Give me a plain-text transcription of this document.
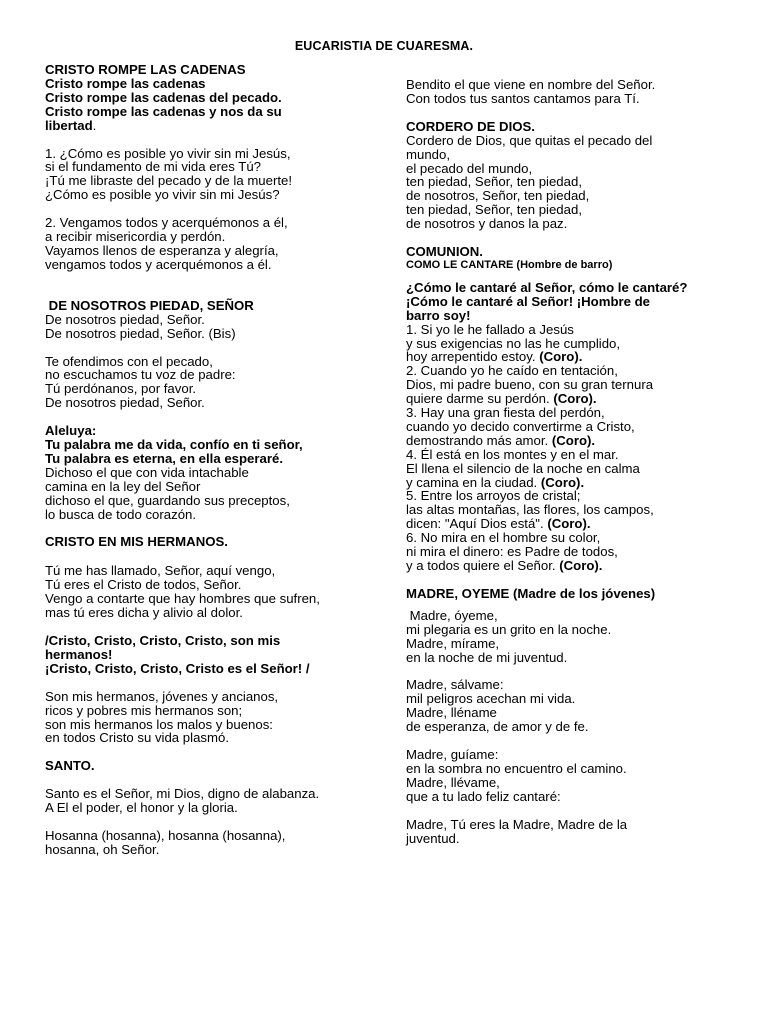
EUCARISTIA DE CUARESMA.
CRISTO ROMPE LAS CADENAS
Cristo rompe las cadenas
Cristo rompe las cadenas del pecado.
Cristo rompe las cadenas y nos da su
libertad.
1. ¿Cómo es posible yo vivir sin mi Jesús,
si el fundamento de mi vida eres Tú?
¡Tú me libraste del pecado y de la muerte!
¿Cómo es posible yo vivir sin mi Jesús?
2. Vengamos todos y acerquémonos a él,
a recibir misericordia y perdón.
Vayamos llenos de esperanza y alegría,
vengamos todos y acerquémonos a él.
DE NOSOTROS PIEDAD, SEÑOR
De nosotros piedad, Señor.
De nosotros piedad, Señor. (Bis)
Te ofendimos con el pecado,
no escuchamos tu voz de padre:
Tú perdónanos, por favor.
De nosotros piedad, Señor.
Aleluya:
Tu palabra me da vida, confío en ti señor,
Tu palabra es eterna, en ella esperaré.
Dichoso el que con vida intachable
camina en la ley del Señor
dichoso el que, guardando sus preceptos,
lo busca de todo corazón.
CRISTO EN MIS HERMANOS.
Tú me has llamado, Señor, aquí vengo,
Tú eres el Cristo de todos, Señor.
Vengo a contarte que hay hombres que sufren,
mas tú eres dicha y alivio al dolor.
/Cristo, Cristo, Cristo, Cristo, son mis
hermanos!
¡Cristo, Cristo, Cristo, Cristo es el Señor! /
Son mis hermanos, jóvenes y ancianos,
ricos y pobres mis hermanos son;
son mis hermanos los malos y buenos:
en todos Cristo su vida plasmó.
SANTO.
Santo es el Señor, mi Dios, digno de alabanza.
A El el poder, el honor y la gloria.
Hosanna (hosanna), hosanna (hosanna),
hosanna, oh Señor.
Bendito el que viene en nombre del Señor.
Con todos tus santos cantamos para Tí.
CORDERO DE DIOS.
Cordero de Dios, que quitas el pecado del
mundo,
el pecado del mundo,
ten piedad, Señor, ten piedad,
de nosotros, Señor, ten piedad,
ten piedad, Señor, ten piedad,
de nosotros y danos la paz.
COMUNION.
COMO LE CANTARE (Hombre de barro)
¿Cómo le cantaré al Señor, cómo le cantaré?
¡Cómo le cantaré al Señor! ¡Hombre de
barro soy!
1. Si yo le he fallado a Jesús
y sus exigencias no las he cumplido,
hoy arrepentido estoy. (Coro).
2. Cuando yo he caído en tentación,
Dios, mi padre bueno, con su gran ternura
quiere darme su perdón. (Coro).
3. Hay una gran fiesta del perdón,
cuando yo decido convertirme a Cristo,
demostrando más amor. (Coro).
4. Él está en los montes y en el mar.
El llena el silencio de la noche en calma
y camina en la ciudad. (Coro).
5. Entre los arroyos de cristal;
las altas montañas, las flores, los campos,
dicen: "Aquí Dios está". (Coro).
6. No mira en el hombre su color,
ni mira el dinero: es Padre de todos,
y a todos quiere el Señor. (Coro).
MADRE, OYEME (Madre de los jóvenes)
Madre, óyeme,
mi plegaria es un grito en la noche.
Madre, mírame,
en la noche de mi juventud.
Madre, sálvame:
mil peligros acechan mi vida.
Madre, lléname
de esperanza, de amor y de fe.
Madre, guíame:
en la sombra no encuentro el camino.
Madre, llévame,
que a tu lado feliz cantaré:
Madre, Tú eres la Madre, Madre de la
juventud.
